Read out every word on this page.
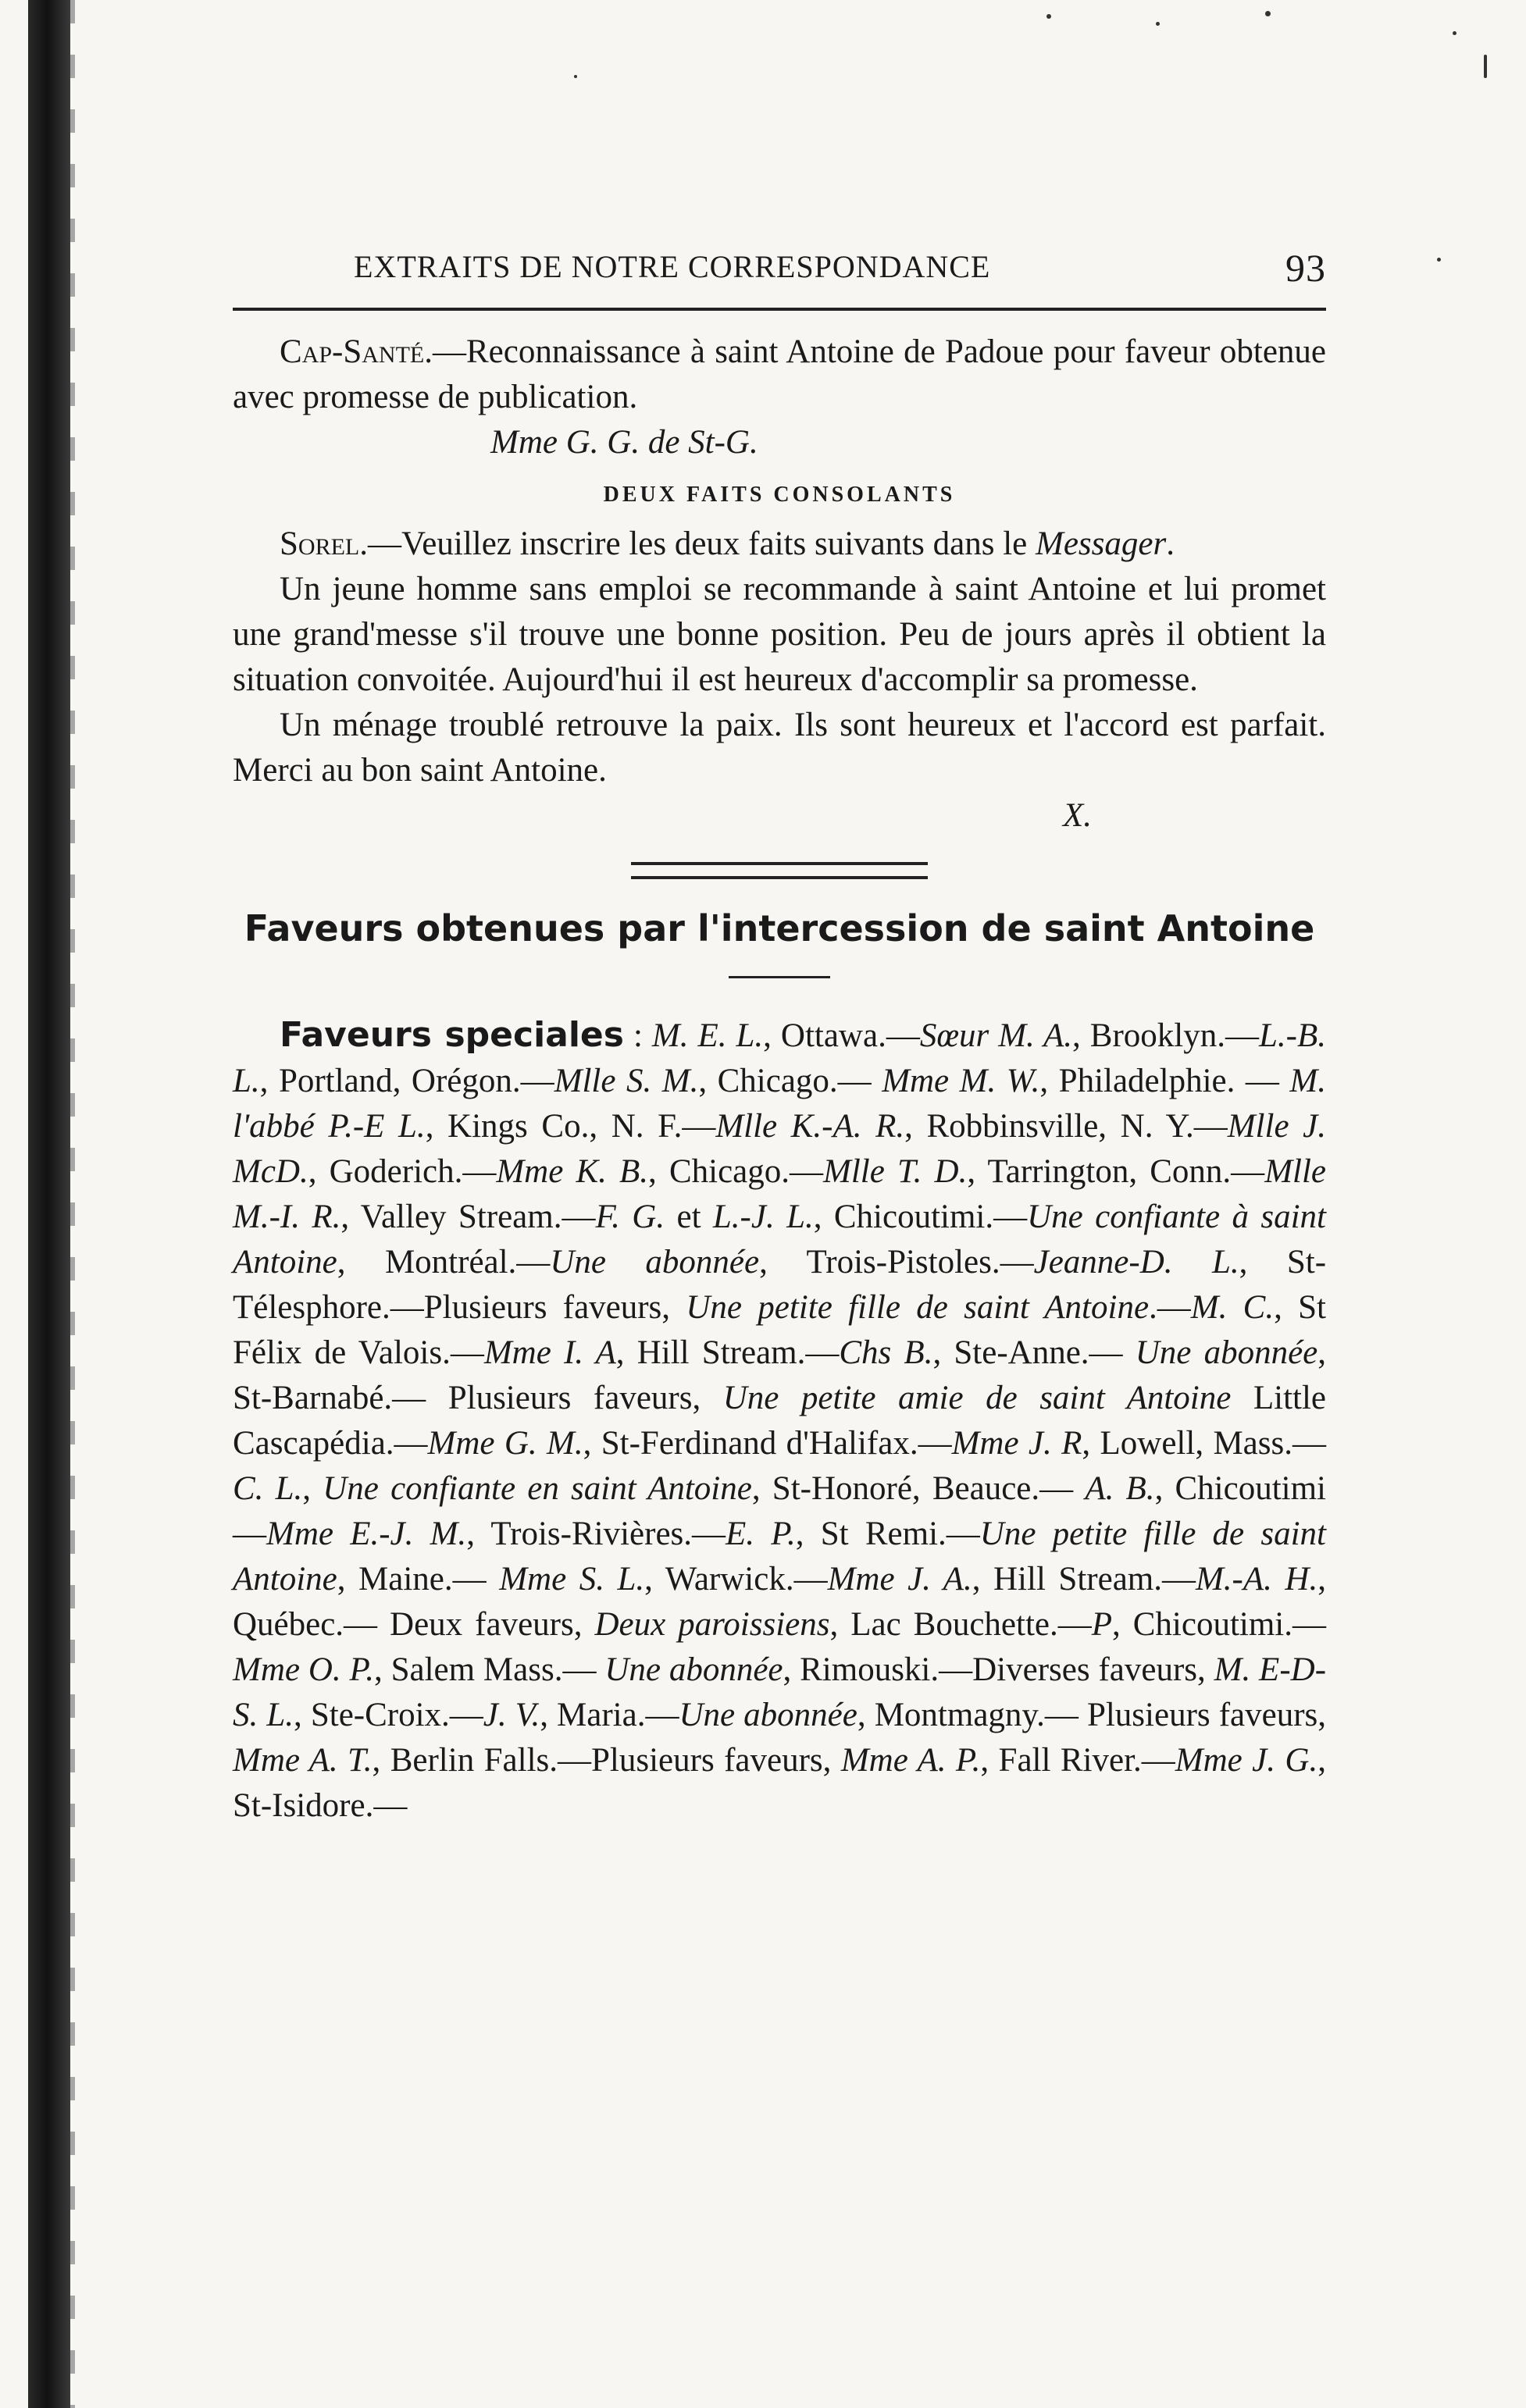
EXTRAITS DE NOTRE CORRESPONDANCE	93

Cap-Santé.—Reconnaissance à saint Antoine de Padoue pour faveur obtenue avec promesse de publication.

Mme G. G. de St-G.
DEUX FAITS CONSOLANTS

Sorel.—Veuillez inscrire les deux faits suivants dans le Messager.

Un jeune homme sans emploi se recommande à saint Antoine et lui promet une grand'messe s'il trouve une bonne position. Peu de jours après il obtient la situation convoitée. Aujourd'hui il est heureux d'accomplir sa promesse.

Un ménage troublé retrouve la paix. Ils sont heureux et l'accord est parfait. Merci au bon saint Antoine.

X.
Faveurs obtenues par l'intercession de saint Antoine

Faveurs speciales : M. E. L., Ottawa.—Sœur M. A., Brooklyn.—L.-B. L., Portland, Orégon.—Mlle S. M., Chicago.— Mme M. W., Philadelphie. — M. l'abbé P.-E L., Kings Co., N. F.—Mlle K.-A. R., Robbinsville, N. Y.—Mlle J. McD., Goderich.—Mme K. B., Chicago.—Mlle T. D., Tarrington, Conn.—Mlle M.-I. R., Valley Stream.—F. G. et L.-J. L., Chicoutimi.—Une confiante à saint Antoine, Montréal.—Une abonnée, Trois-Pistoles.—Jeanne-D. L., St-Télesphore.—Plusieurs faveurs, Une petite fille de saint Antoine.—M. C., St Félix de Valois.—Mme I. A, Hill Stream.—Chs B., Ste-Anne.— Une abonnée, St-Barnabé.— Plusieurs faveurs, Une petite amie de saint Antoine Little Cascapédia.—Mme G. M., St-Ferdinand d'Halifax.—Mme J. R, Lowell, Mass.—C. L., Une confiante en saint Antoine, St-Honoré, Beauce.— A. B., Chicoutimi —Mme E.-J. M., Trois-Rivières.—E. P., St Remi.—Une petite fille de saint Antoine, Maine.— Mme S. L., Warwick.—Mme J. A., Hill Stream.—M.-A. H., Québec.— Deux faveurs, Deux paroissiens, Lac Bouchette.—P, Chicoutimi.—Mme O. P., Salem Mass.— Une abonnée, Rimouski.—Diverses faveurs, M. E-D-S. L., Ste-Croix.—J. V., Maria.—Une abonnée, Montmagny.— Plusieurs faveurs, Mme A. T., Berlin Falls.—Plusieurs faveurs, Mme A. P., Fall River.—Mme J. G., St-Isidore.—
